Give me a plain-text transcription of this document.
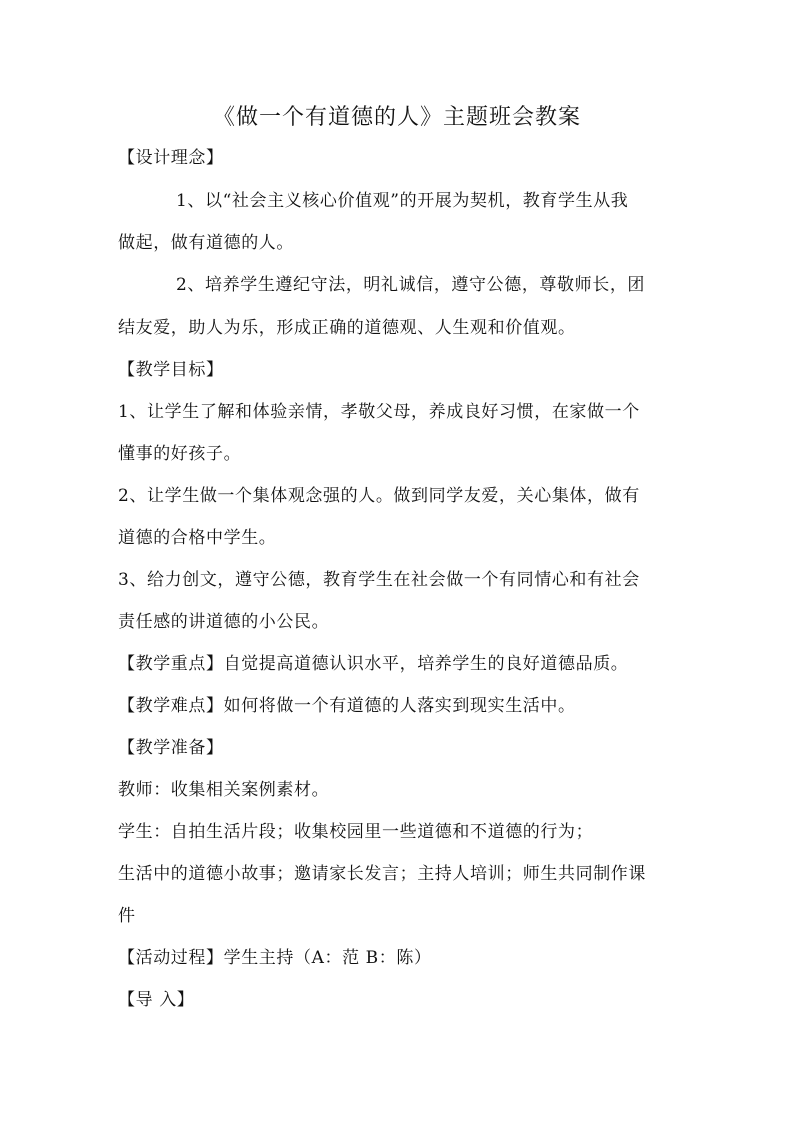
《做一个有道德的人》主题班会教案
【设计理念】
1、以“社会主义核心价值观”的开展为契机，教育学生从我
做起，做有道德的人。
2、培养学生遵纪守法，明礼诚信，遵守公德，尊敬师长，团
结友爱，助人为乐，形成正确的道德观、人生观和价值观。
【教学目标】
1、让学生了解和体验亲情，孝敬父母，养成良好习惯，在家做一个
懂事的好孩子。
2、让学生做一个集体观念强的人。做到同学友爱，关心集体，做有
道德的合格中学生。
3、给力创文，遵守公德，教育学生在社会做一个有同情心和有社会
责任感的讲道德的小公民。
【教学重点】自觉提高道德认识水平，培养学生的良好道德品质。
【教学难点】如何将做一个有道德的人落实到现实生活中。
【教学准备】
教师：收集相关案例素材。
学生：自拍生活片段；收集校园里一些道德和不道德的行为；
生活中的道德小故事；邀请家长发言；主持人培训；师生共同制作课
件
【活动过程】学生主持（A：范 B：陈）
【导 入】
